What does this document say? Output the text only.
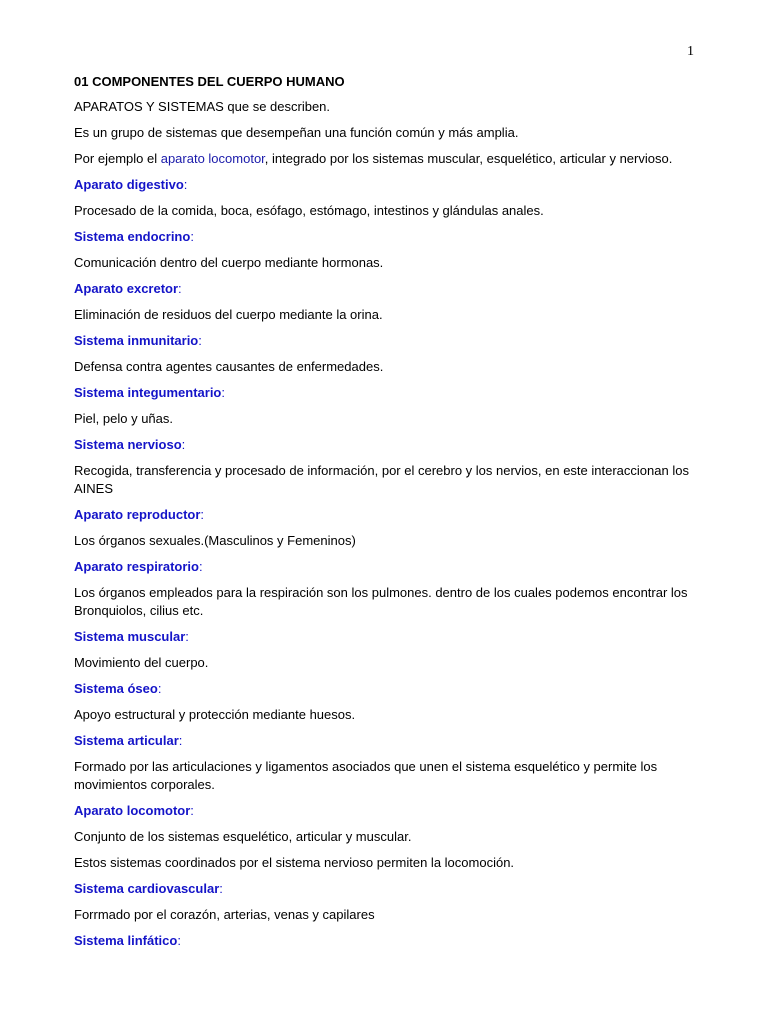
1
01 COMPONENTES DEL CUERPO HUMANO
APARATOS Y SISTEMAS que se describen.
Es un grupo de sistemas que desempeñan una función común y más amplia.
Por ejemplo el aparato locomotor, integrado por los sistemas muscular, esquelético, articular y nervioso.
Aparato digestivo:
Procesado de la comida, boca, esófago, estómago, intestinos y glándulas anales.
Sistema endocrino:
Comunicación dentro del cuerpo mediante hormonas.
Aparato excretor:
Eliminación de residuos del cuerpo mediante la orina.
Sistema inmunitario:
Defensa contra agentes causantes de enfermedades.
Sistema integumentario:
Piel, pelo y uñas.
Sistema nervioso:
Recogida, transferencia y procesado de información, por el cerebro y los nervios, en este interaccionan los AINES
Aparato reproductor:
Los órganos sexuales.(Masculinos y Femeninos)
Aparato respiratorio:
Los órganos empleados para la respiración son los pulmones. dentro de los cuales podemos encontrar los Bronquiolos, cilius etc.
Sistema muscular:
Movimiento del cuerpo.
Sistema óseo:
Apoyo estructural y protección mediante huesos.
Sistema articular:
Formado por las articulaciones y ligamentos asociados que unen el sistema esquelético y permite los movimientos corporales.
Aparato locomotor:
Conjunto de los sistemas esquelético, articular y muscular.
Estos sistemas coordinados por el sistema nervioso permiten la locomoción.
Sistema cardiovascular:
Forrmado por el corazón, arterias, venas y capilares
Sistema linfático:
